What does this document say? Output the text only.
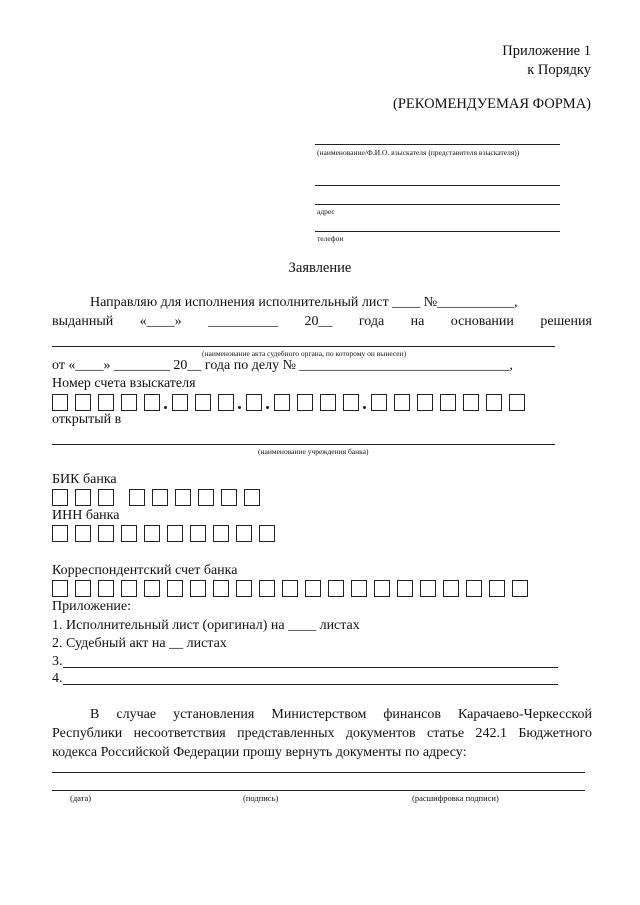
Приложение 1
к Порядку
(РЕКОМЕНДУЕМАЯ ФОРМА)
(наименование/Ф.И.О. взыскателя (представителя взыскателя))
адрес
телефон
Заявление
Направляю для исполнения исполнительный лист ____ №___________,
выданный «____» __________ 20__ года на основании решения
(наименование акта судебного органа, по которому он вынесен)
от «____» ________ 20__ года по делу № ______________________________,
Номер счета взыскателя
открытый в
(наименование учреждения банка)
БИК банка
ИНН банка
Корреспондентский счет банка
Приложение:
1. Исполнительный лист (оригинал) на ____ листах
2. Судебный акт на __ листах
3.
4.
В случае установления Министерством финансов Карачаево-Черкесской Республики несоответствия представленных документов статье 242.1 Бюджетного кодекса Российской Федерации прошу вернуть документы по адресу:
(дата)	(подпись)	(расшифровка подписи)
